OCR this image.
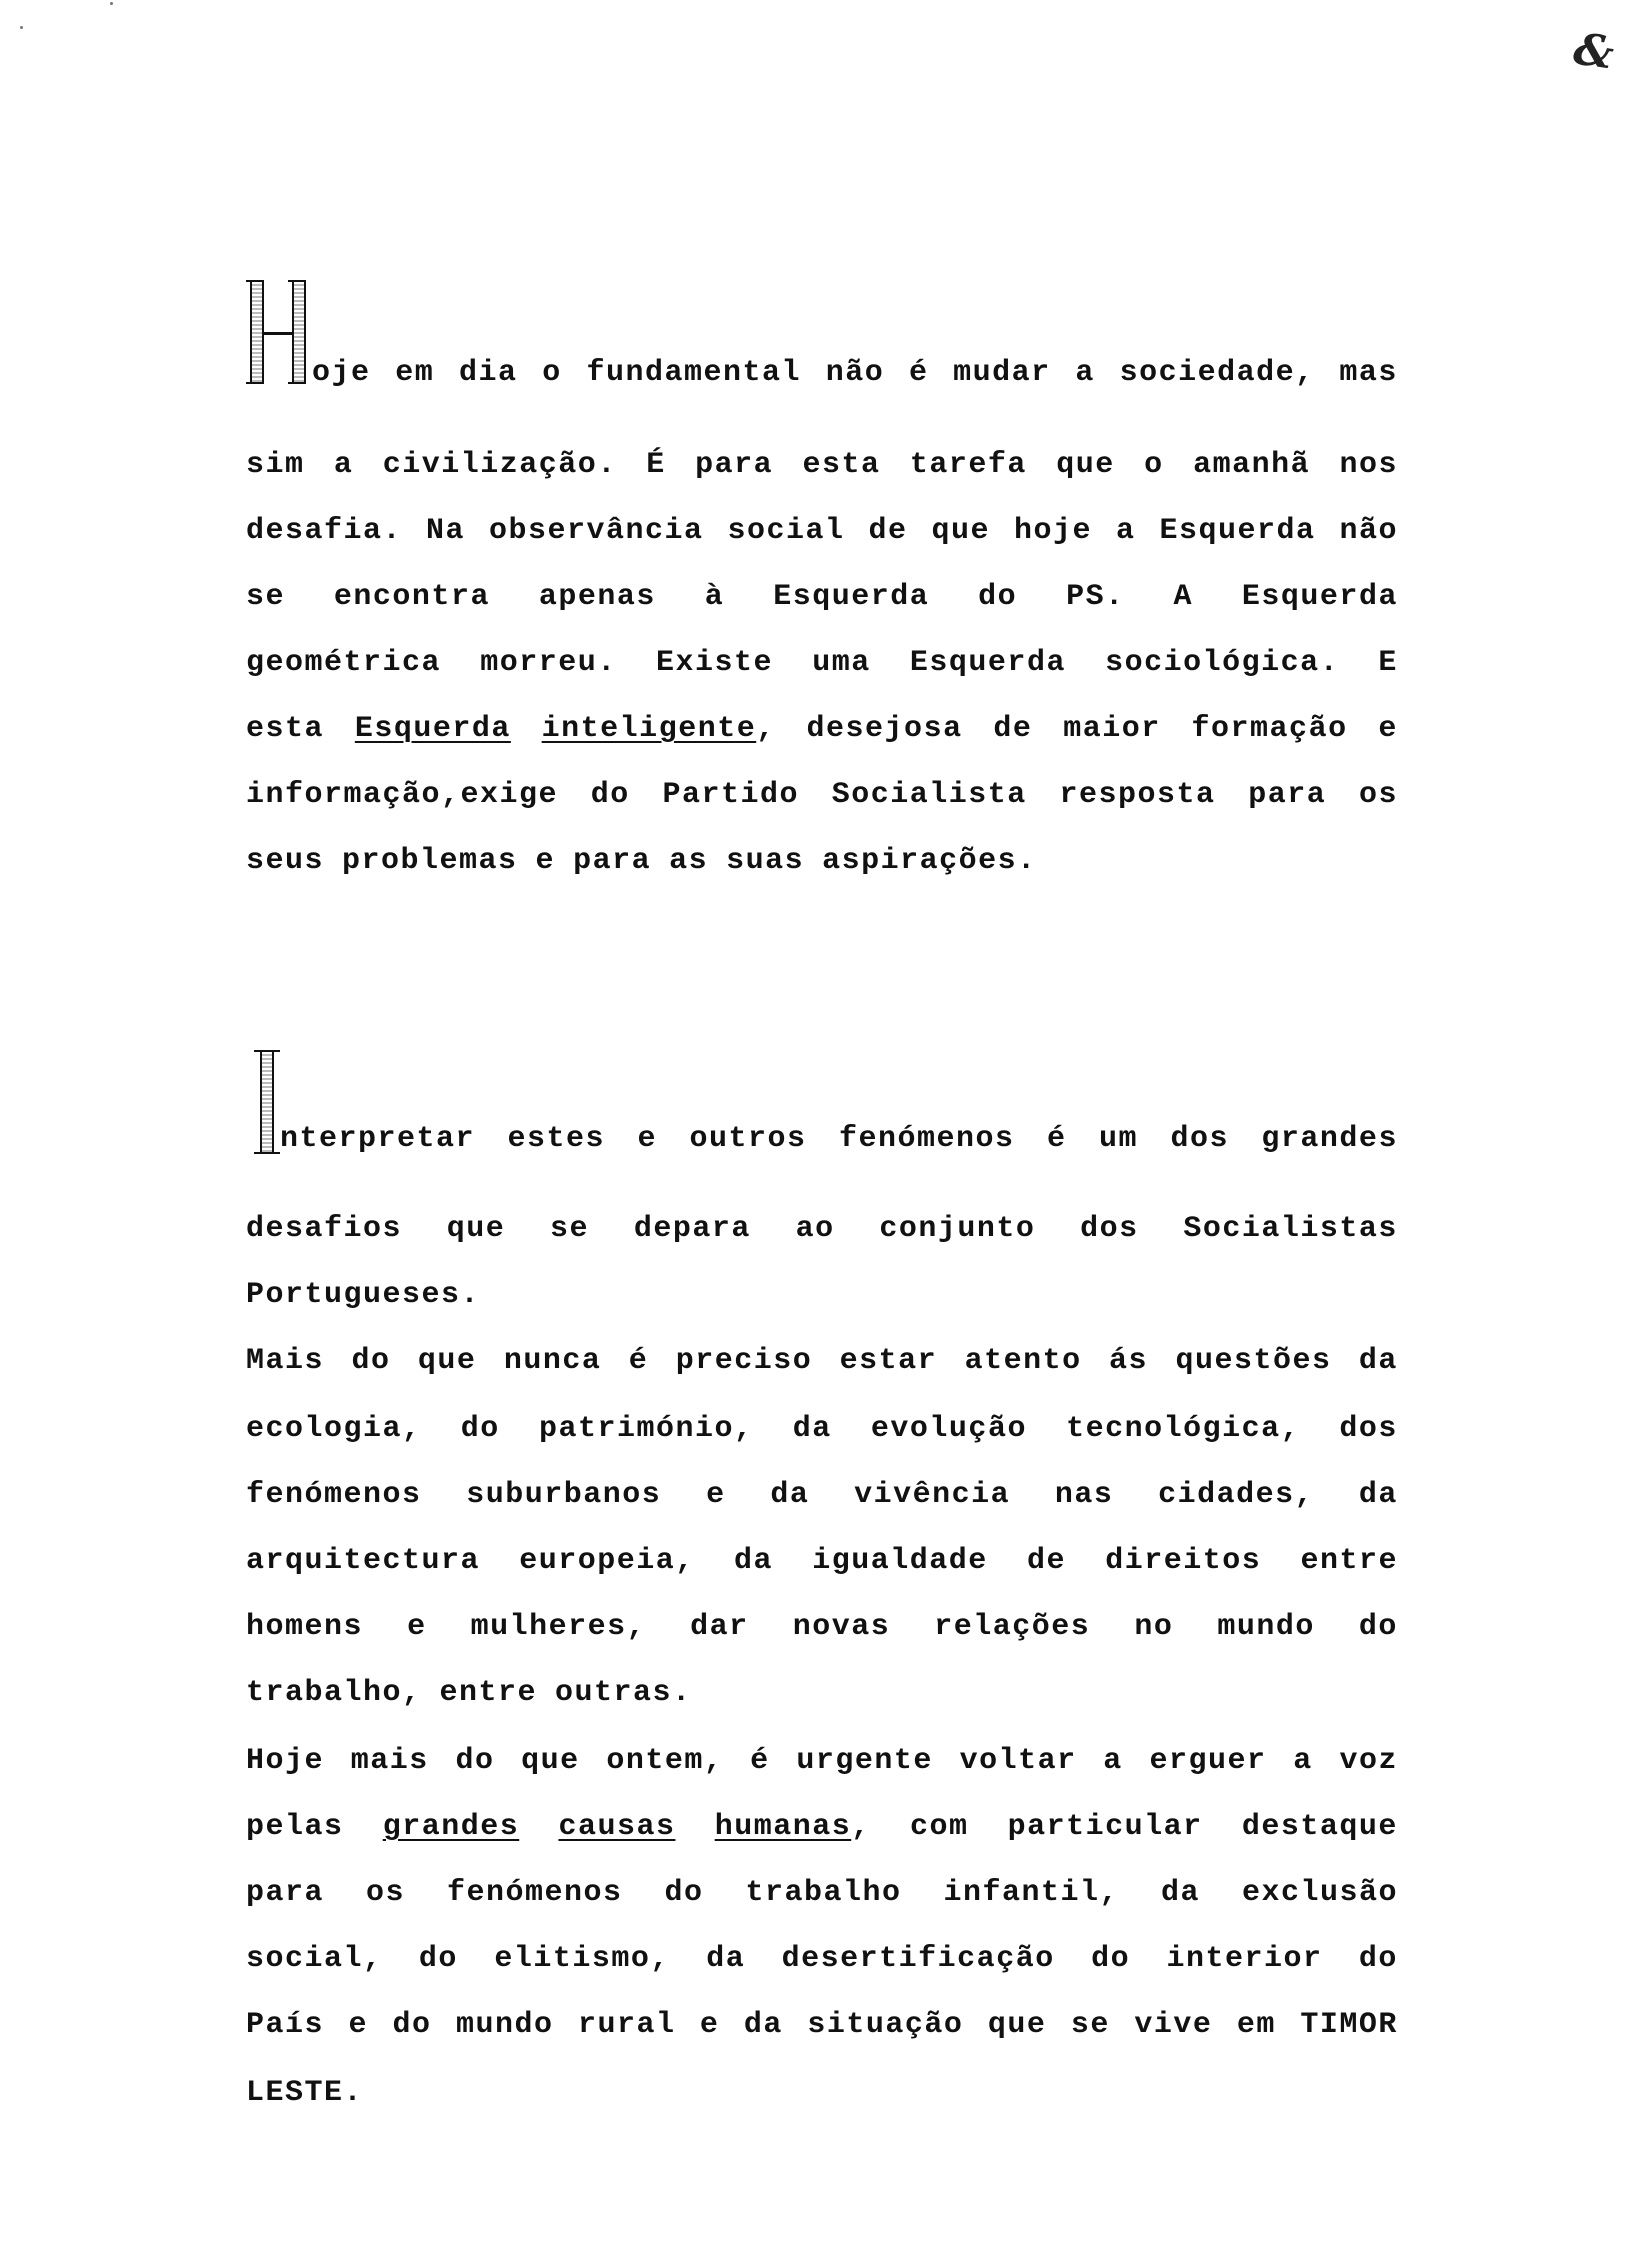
&
oje em dia o fundamental não é mudar a sociedade, mas
sim a civilização. É para esta tarefa que o amanhã nos
desafia. Na observância social de que hoje a Esquerda não
se encontra apenas à Esquerda do PS. A Esquerda
geométrica morreu. Existe uma Esquerda sociológica. E
esta Esquerda inteligente, desejosa de maior formação e
informação,exige do Partido Socialista resposta para os
seus problemas e para as suas aspirações.
nterpretar estes e outros fenómenos é um dos grandes
desafios que se depara ao conjunto dos Socialistas
Portugueses.
Mais do que nunca é preciso estar atento ás questões da
ecologia, do património, da evolução tecnológica, dos
fenómenos suburbanos e da vivência nas cidades, da
arquitectura europeia, da igualdade de direitos entre
homens e mulheres, dar novas relações no mundo do
trabalho, entre outras.
Hoje mais do que ontem, é urgente voltar a erguer a voz
pelas grandes causas humanas, com particular destaque
para os fenómenos do trabalho infantil, da exclusão
social, do elitismo, da desertificação do interior do
País e do mundo rural e da situação que se vive em TIMOR
LESTE.
